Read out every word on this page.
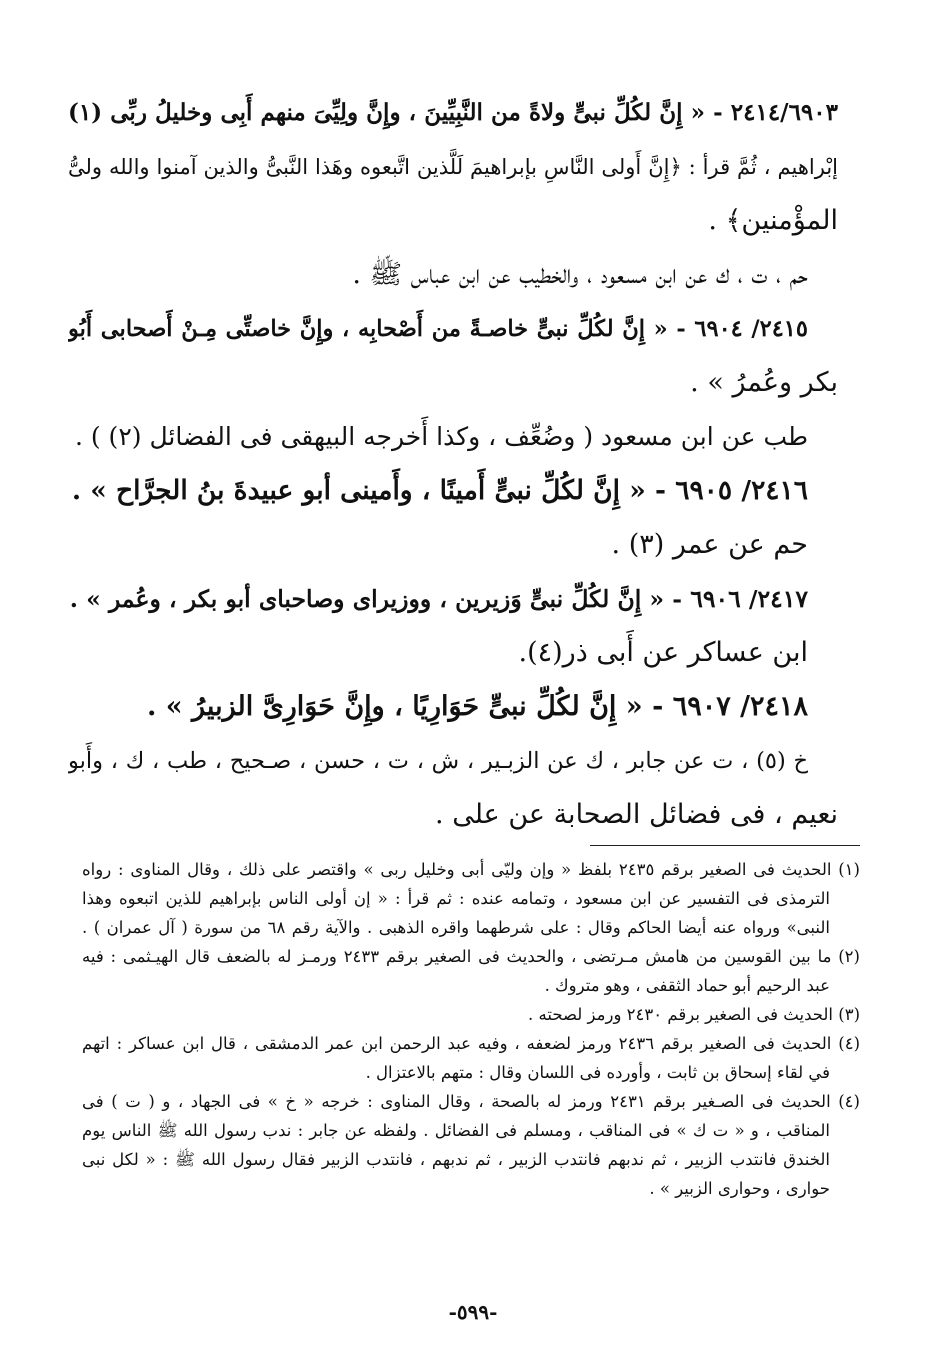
٢٤١٤/٦٩٠٣ - « إِنَّ لكُلِّ نبىٍّ ولاةً من النَّبِيِّينَ ، وإِنَّ ولِيِّىَ منهم أَبِى وخليلُ ربِّى (١)
إبْراهيم ، ثُمَّ قرأ : ﴿إِنَّ أَولى النَّاسِ بإبراهيمَ لَلَّذين اتَّبعوه وهَذا النَّبىُّ والذين آمنوا والله ولىُّ
المؤْمنين﴾ .
حم ، ت ، ك عن ابن مسعود ، والخطيب عن ابن عباس ﷺ .
٢٤١٥/ ٦٩٠٤ - « إِنَّ لكُلِّ نبىٍّ خاصـةً من أَصْحابِه ، وإِنَّ خاصتِّى مِـنْ أَصحابى أَبُو
بكر وعُمرُ » .
طب عن ابن مسعود ( وضُعِّف ، وكذا أَخرجه البيهقى فى الفضائل (٢) ) .
٢٤١٦/ ٦٩٠٥ - « إِنَّ لكُلِّ نبىٍّ أَمينًا ، وأَمينى أبو عبيدةَ بنُ الجرَّاح » .
حم عن عمر (٣) .
٢٤١٧/ ٦٩٠٦ - « إِنَّ لكُلِّ نبىٍّ وَزيرين ، ووزيراى وصاحباى أبو بكر ، وعُمر » .
ابن عساكر عن أَبى ذر(٤).
٢٤١٨/ ٦٩٠٧ - « إِنَّ لكُلِّ نبىٍّ حَوَارِيًا ، وإِنَّ حَوَارِىَّ الزبيرُ » .
خ (٥) ، ت عن جابر ، ك عن الزبـير ، ش ، ت ، حسن ، صـحيح ، طب ، ك ، وأَبو
نعيم ، فى فضائل الصحابة عن على .
(١) الحديث فى الصغير برقم ٢٤٣٥ بلفظ « وإن وليّى أبى وخليل ربى » واقتصر على ذلك ، وقال المناوى : رواه
الترمذى فى التفسير عن ابن مسعود ، وتمامه عنده : ثم قرأ : « إن أولى الناس بإبراهيم للذين اتبعوه وهذا
النبى» ورواه عنه أيضا الحاكم وقال : على شرطهما واقره الذهبى . والآية رقم ٦٨ من سورة ( آل عمران ) .
(٢) ما بين القوسين من هامش مـرتضى ، والحديث فى الصغير برقم ٢٤٣٣ ورمـز له بالضعف قال الهيـثمى : فيه
عبد الرحيم أبو حماد الثقفى ، وهو متروك .
(٣) الحديث فى الصغير برقم ٢٤٣٠ ورمز لصحته .
(٤) الحديث فى الصغير برقم ٢٤٣٦ ورمز لضعفه ، وفيه عبد الرحمن ابن عمر الدمشقى ، قال ابن عساكر : اتهم
في لقاء إسحاق بن ثابت ، وأورده فى اللسان وقال : متهم بالاعتزال .
(٤) الحديث فى الصـغير برقم ٢٤٣١ ورمز له بالصحة ، وقال المناوى : خرجه « خ » فى الجهاد ، و ( ت ) فى
المناقب ، و « ت ك » فى المناقب ، ومسلم فى الفضائل . ولفظه عن جابر : ندب رسول الله ﷺ الناس يوم
الخندق فانتدب الزبير ، ثم ندبهم فانتدب الزبير ، ثم ندبهم ، فانتدب الزبير فقال رسول الله ﷺ : « لكل نبى
حوارى ، وحوارى الزبير » .
-٥٩٩-
